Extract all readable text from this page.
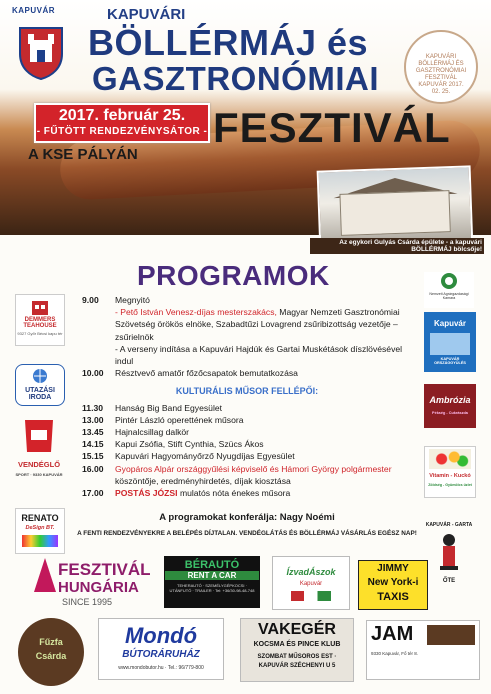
KAPUVÁR	KAPUVÁRI
BÖLLÉRMÁJ és
GASZTRONÓMIAI
KAPUVÁRI BÖLLÉRMÁJ ÉS GASZTRONÓMIAI FESZTIVÁL KAPUVÁR 2017. 02. 25.
2017. február 25.
- FŰTÖTT RENDEZVÉNYSÁTOR - FESZTIVÁL
A KSE PÁLYÁN
Az egykori Gulyás Csárda épülete - a kapuvári BÖLLÉRMÁJ bölcsője!
PROGRAMOK
9.00 Megnyitó
- Pető István Venesz-díjas mesterszakács, Magyar Nemzeti Gasztronómiai Szövetség örökös elnöke, Szabadtűzi Lovagrend zsűribizottság vezetője – zsűrielnök
- A verseny indítása a Kapuvári Hajdúk és Gartai Muskétások díszlövésével indul
10.00 Résztvevő amatőr főzőcsapatok bemutatkozása
KULTURÁLIS MŰSOR FELLÉPŐI:
11.30 Hanság Big Band Egyesület
13.00 Pintér László operettének műsora
13.45 Hajnalcsillag dalkör
14.15 Kapui Zsófia, Stift Cynthia, Szücs Ákos
15.15 Kapuvári Hagyományőrző Nyugdíjas Egyesület
16.00 Gyopáros Alpár országgyűlési képviselő és Hámori György polgármester köszöntője, eredményhirdetés, díjak kiosztása
17.00 POSTÁS JÓZSI mulatós nóta énekes műsora
A programokat konferálja: Nagy Noémi
A FENTI RENDEZVÉNYEKRE A BELÉPÉS DÍJTALAN. VENDÉGLÁTÁS ÉS BÖLLÉRMÁJ VÁSÁRLÁS EGÉSZ NAP!
DEMMERS TEAHOUSE
9327 Győr Bécsi kapu tér
UTAZÁSI IRODA
VENDÉGLŐ
SPORT · 9330 KAPUVÁR
RENATO
DeSign BT.
Nemzeti Agrárgazdasági Kamara
Kapuvár
KAPUVÁR ORSZÁGGYŰLÉS
Ambrózia
Pékség - Cukrászda
Vitamin - Kuckó
Zöldség - Gyümölcs üzlet
KAPUVÁR - GARTA
ŐTE
FESZTIVÁL
HUNGÁRIA
SINCE 1995
BÉRAUTÓ
RENT A CAR
TEHERAUTÓ · SZEMÉLYGÉPKOCSI · UTÁNFUTÓ · TRAILER · Tel: +36/30-98-48-748
ÍzvadÁszok
Kapuvár
JIMMY
New York-i
TAXIS
Fűzfa
Csárda
Mondó
BÚTORÁRUHÁZ
www.mondobutor.hu · Tel.: 96/779-800
VAKEGÉR
KOCSMA ÉS PINCE KLUB
SZOMBAT MŰSOROS EST · KAPUVÁR SZÉCHENYI U 5
JAM
9330 Kapuvár, Fő tér 8.
